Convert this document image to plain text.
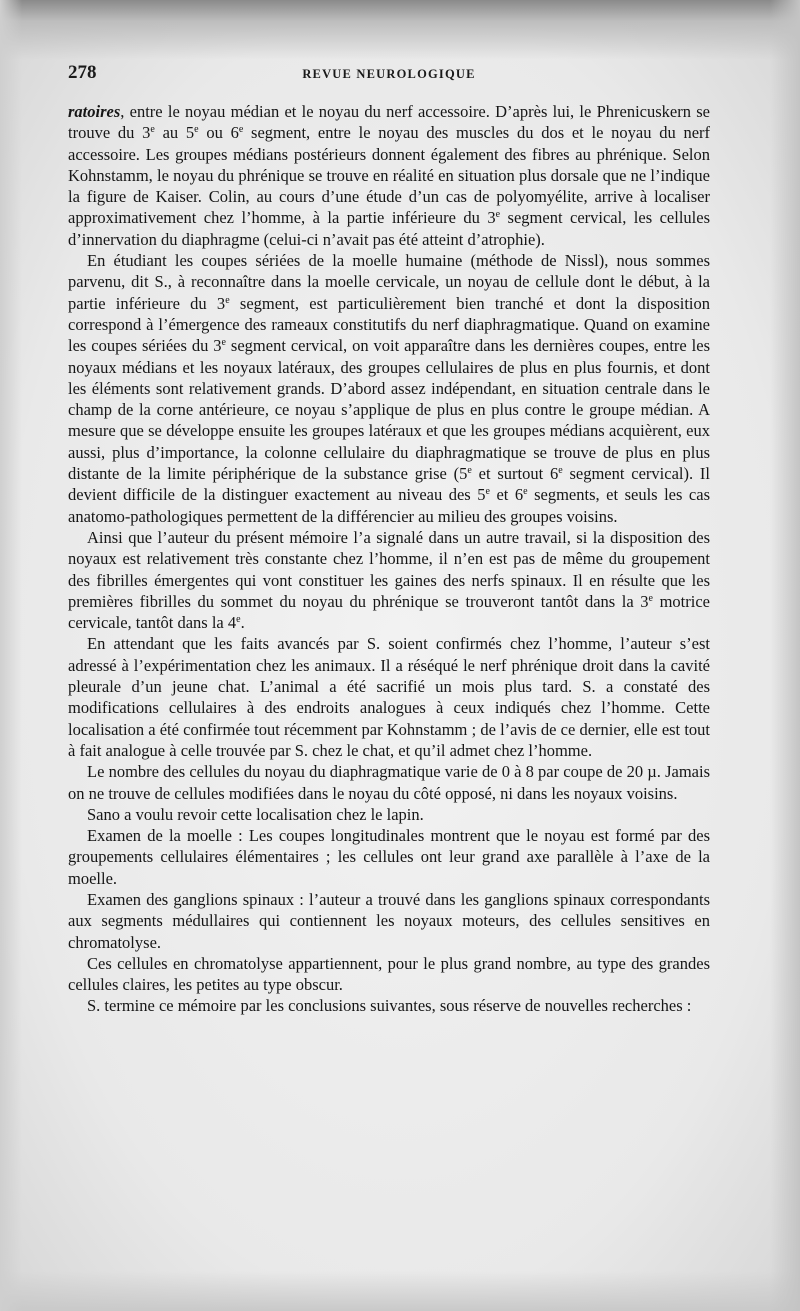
278	REVUE NEUROLOGIQUE

ratoires, entre le noyau médian et le noyau du nerf accessoire. D’après lui, le Phrenicuskern se trouve du 3e au 5e ou 6e segment, entre le noyau des muscles du dos et le noyau du nerf accessoire. Les groupes médians postérieurs donnent également des fibres au phrénique. Selon Kohnstamm, le noyau du phrénique se trouve en réalité en situation plus dorsale que ne l’indique la figure de Kaiser. Colin, au cours d’une étude d’un cas de polyomyélite, arrive à localiser approximativement chez l’homme, à la partie inférieure du 3e segment cervical, les cellules d’innervation du diaphragme (celui-ci n’avait pas été atteint d’atrophie).

En étudiant les coupes sériées de la moelle humaine (méthode de Nissl), nous sommes parvenu, dit S., à reconnaître dans la moelle cervicale, un noyau de cellule dont le début, à la partie inférieure du 3e segment, est particulièrement bien tranché et dont la disposition correspond à l’émergence des rameaux constitutifs du nerf diaphragmatique. Quand on examine les coupes sériées du 3e segment cervical, on voit apparaître dans les dernières coupes, entre les noyaux médians et les noyaux latéraux, des groupes cellulaires de plus en plus fournis, et dont les éléments sont relativement grands. D’abord assez indépendant, en situation centrale dans le champ de la corne antérieure, ce noyau s’applique de plus en plus contre le groupe médian. A mesure que se développe ensuite les groupes latéraux et que les groupes médians acquièrent, eux aussi, plus d’importance, la colonne cellulaire du diaphragmatique se trouve de plus en plus distante de la limite périphérique de la substance grise (5e et surtout 6e segment cervical). Il devient difficile de la distinguer exactement au niveau des 5e et 6e segments, et seuls les cas anatomo-pathologiques permettent de la différencier au milieu des groupes voisins.

Ainsi que l’auteur du présent mémoire l’a signalé dans un autre travail, si la disposition des noyaux est relativement très constante chez l’homme, il n’en est pas de même du groupement des fibrilles émergentes qui vont constituer les gaines des nerfs spinaux. Il en résulte que les premières fibrilles du sommet du noyau du phrénique se trouveront tantôt dans la 3e motrice cervicale, tantôt dans la 4e.

En attendant que les faits avancés par S. soient confirmés chez l’homme, l’auteur s’est adressé à l’expérimentation chez les animaux. Il a réséqué le nerf phrénique droit dans la cavité pleurale d’un jeune chat. L’animal a été sacrifié un mois plus tard. S. a constaté des modifications cellulaires à des endroits analogues à ceux indiqués chez l’homme. Cette localisation a été confirmée tout récemment par Kohnstamm ; de l’avis de ce dernier, elle est tout à fait analogue à celle trouvée par S. chez le chat, et qu’il admet chez l’homme.

Le nombre des cellules du noyau du diaphragmatique varie de 0 à 8 par coupe de 20 µ. Jamais on ne trouve de cellules modifiées dans le noyau du côté opposé, ni dans les noyaux voisins.

Sano a voulu revoir cette localisation chez le lapin.

Examen de la moelle : Les coupes longitudinales montrent que le noyau est formé par des groupements cellulaires élémentaires ; les cellules ont leur grand axe parallèle à l’axe de la moelle.

Examen des ganglions spinaux : l’auteur a trouvé dans les ganglions spinaux correspondants aux segments médullaires qui contiennent les noyaux moteurs, des cellules sensitives en chromatolyse.

Ces cellules en chromatolyse appartiennent, pour le plus grand nombre, au type des grandes cellules claires, les petites au type obscur.

S. termine ce mémoire par les conclusions suivantes, sous réserve de nouvelles recherches :
